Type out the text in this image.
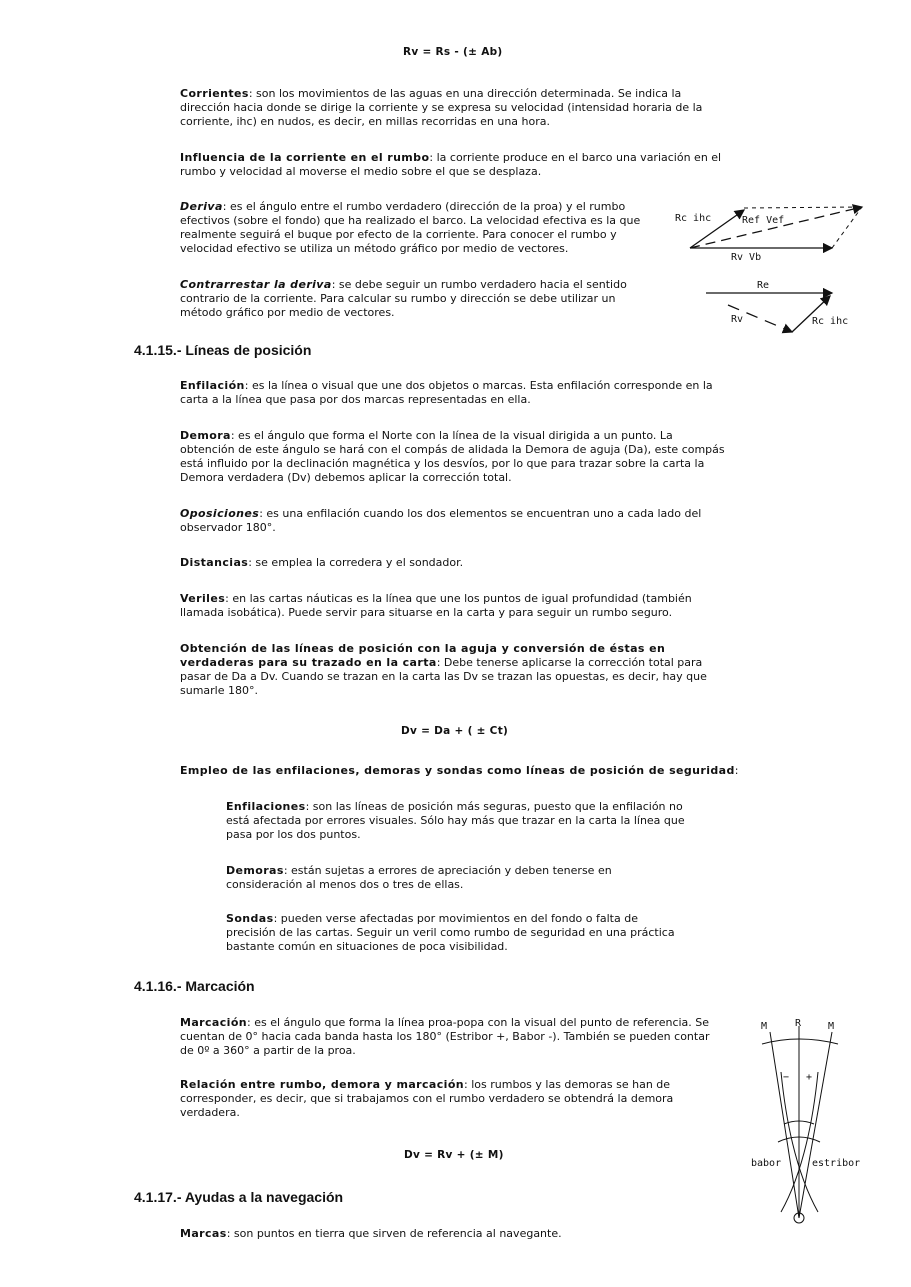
Rv = Rs - (± Ab)
Corrientes: son los movimientos de las aguas en una dirección determinada. Se indica la dirección hacia donde se dirige la corriente y se expresa su velocidad (intensidad horaria de la corriente, ihc) en nudos, es decir, en millas recorridas en una hora.
Influencia de la corriente en el rumbo: la corriente produce en el barco una variación en el rumbo y velocidad al moverse el medio sobre el que se desplaza.
Deriva: es el ángulo entre el rumbo verdadero (dirección de la proa) y el rumbo efectivos (sobre el fondo) que ha realizado el barco. La velocidad efectiva es la que realmente seguirá el buque por efecto de la corriente. Para conocer el rumbo y velocidad efectivo se utiliza un método gráfico por medio de vectores.
Rc ihc	Ref Vef
Rv Vb
Contrarrestar la deriva: se debe seguir un rumbo verdadero hacia el sentido contrario de la corriente. Para calcular su rumbo y dirección se debe utilizar un método gráfico por medio de vectores.
Re
Rv	Rc ihc
4.1.15.- Líneas de posición
Enfilación: es la línea o visual que une dos objetos o marcas. Esta enfilación corresponde en la carta a la línea que pasa por dos marcas representadas en ella.
Demora: es el ángulo que forma el Norte con la línea de la visual dirigida a un punto. La obtención de este ángulo se hará con el compás de alidada la Demora de aguja (Da), este compás está influido por la declinación magnética y los desvíos, por lo que para trazar sobre la carta la Demora verdadera (Dv) debemos aplicar la corrección total.
Oposiciones: es una enfilación cuando los dos elementos se encuentran uno a cada lado del observador 180°.
Distancias: se emplea la corredera y el sondador.
Veriles: en las cartas náuticas es la línea que une los puntos de igual profundidad (también llamada isobática). Puede servir para situarse en la carta y para seguir un rumbo seguro.
Obtención de las líneas de posición con la aguja y conversión de éstas en verdaderas para su trazado en la carta: Debe tenerse aplicarse la corrección total para pasar de Da a Dv. Cuando se trazan en la carta las Dv se trazan las opuestas, es decir, hay que sumarle 180°.
Dv = Da + ( ± Ct)
Empleo de las enfilaciones, demoras y sondas como líneas de posición de seguridad:
Enfilaciones: son las líneas de posición más seguras, puesto que la enfilación no está afectada por errores visuales. Sólo hay más que trazar en la carta la línea que pasa por los dos puntos.
Demoras: están sujetas a errores de apreciación y deben tenerse en consideración al menos dos o tres de ellas.
Sondas: pueden verse afectadas por movimientos en del fondo o falta de precisión de las cartas. Seguir un veril como rumbo de seguridad en una práctica bastante común en situaciones de poca visibilidad.
4.1.16.- Marcación
Marcación: es el ángulo que forma la línea proa-popa con la visual del punto de referencia. Se cuentan de 0° hacia cada banda hasta los 180° (Estribor +, Babor -). También se pueden contar de 0º a 360° a partir de la proa.
Relación entre rumbo, demora y marcación: los rumbos y las demoras se han de corresponder, es decir, que si trabajamos con el rumbo verdadero se obtendrá la demora verdadera.
M	R	M
− +
babor	estribor
Dv = Rv + (± M)
4.1.17.- Ayudas a la navegación
Marcas: son puntos en tierra que sirven de referencia al navegante.
